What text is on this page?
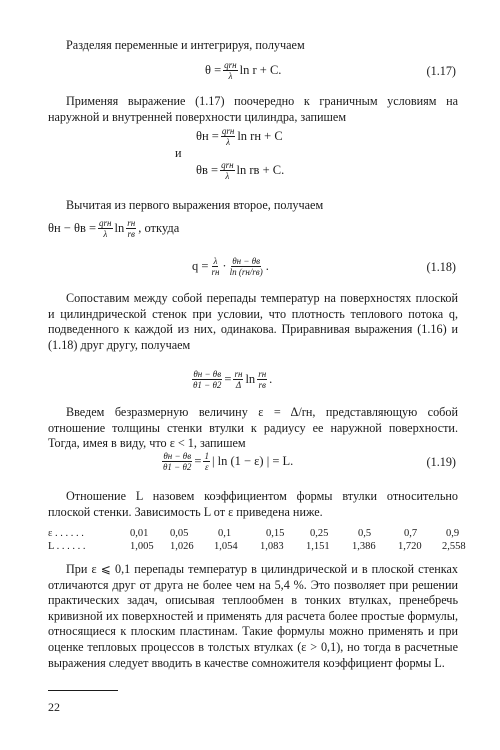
Разделяя переменные и интегрируя, получаем

$\theta = \frac{\text{qrн}}{\lambda}$ ln r + C.	(1.17)

Применяя выражение (1.17) поочередно к граничным условиям на наружной и внутренней поверхности цилиндра, запишем

$\theta н = \frac{\text{qrн}}{\lambda}$ ln rн + C
и
$\theta в = \frac{\text{qrн}}{\lambda}$ ln rв + C.

Вычитая из первого выражения второе, получаем

$\theta н - \theta в = \frac{\text{qrн}}{\lambda}$ $\ln \frac{rн}{rв}$ , откуда
$q = \frac{\lambda}{rн} \cdot \frac{\theta н - \theta в}{\ln (rн/rв)}$ .	(1.18)

Сопоставим между собой перепады температур на поверхностях плоской и цилиндрической стенок при условии, что плотность теплового потока q, подведенного к каждой из них, одинакова. Приравнивая выражения (1.16) и (1.18) друг другу, получаем

$\frac{\theta н - \theta в}{\theta 1 - \theta 2} = \frac{rн}{\Delta}$ $\ln \frac{rн}{rв}$ .

Введем безразмерную величину ε = Δ/rн, представляющую собой отношение толщины стенки втулки к радиусу ее наружной поверхности. Тогда, имея в виду, что ε < 1, запишем

$\frac{\theta н - \theta в}{\theta 1 - \theta 2} = \frac{1}{\varepsilon}$ | ln (1 − ε) | = L.	(1.19)

Отношение L назовем коэффициентом формы втулки относительно плоской стенки. Зависимость L от ε приведена ниже.

ε . . . . . .	0,01 0,05	0,1	0,15 0,25	0,5	0,7	0,9
L . . . . . .	1,005 1,026 1,054 1,083 1,151 1,386 1,720 2,558

При ε ⩽ 0,1 перепады температур в цилиндрической и в плоской стенках отличаются друг от друга не более чем на 5,4 %. Это позволяет при решении практических задач, описывая теплообмен в тонких втулках, пренебречь кривизной их поверхностей и применять для расчета более простые формулы, относящиеся к плоским пластинам. Такие формулы можно применять и при оценке тепловых процессов в толстых втулках (ε > 0,1), но тогда в расчетные выражения следует вводить в качестве сомножителя коэффициент формы L.

22
